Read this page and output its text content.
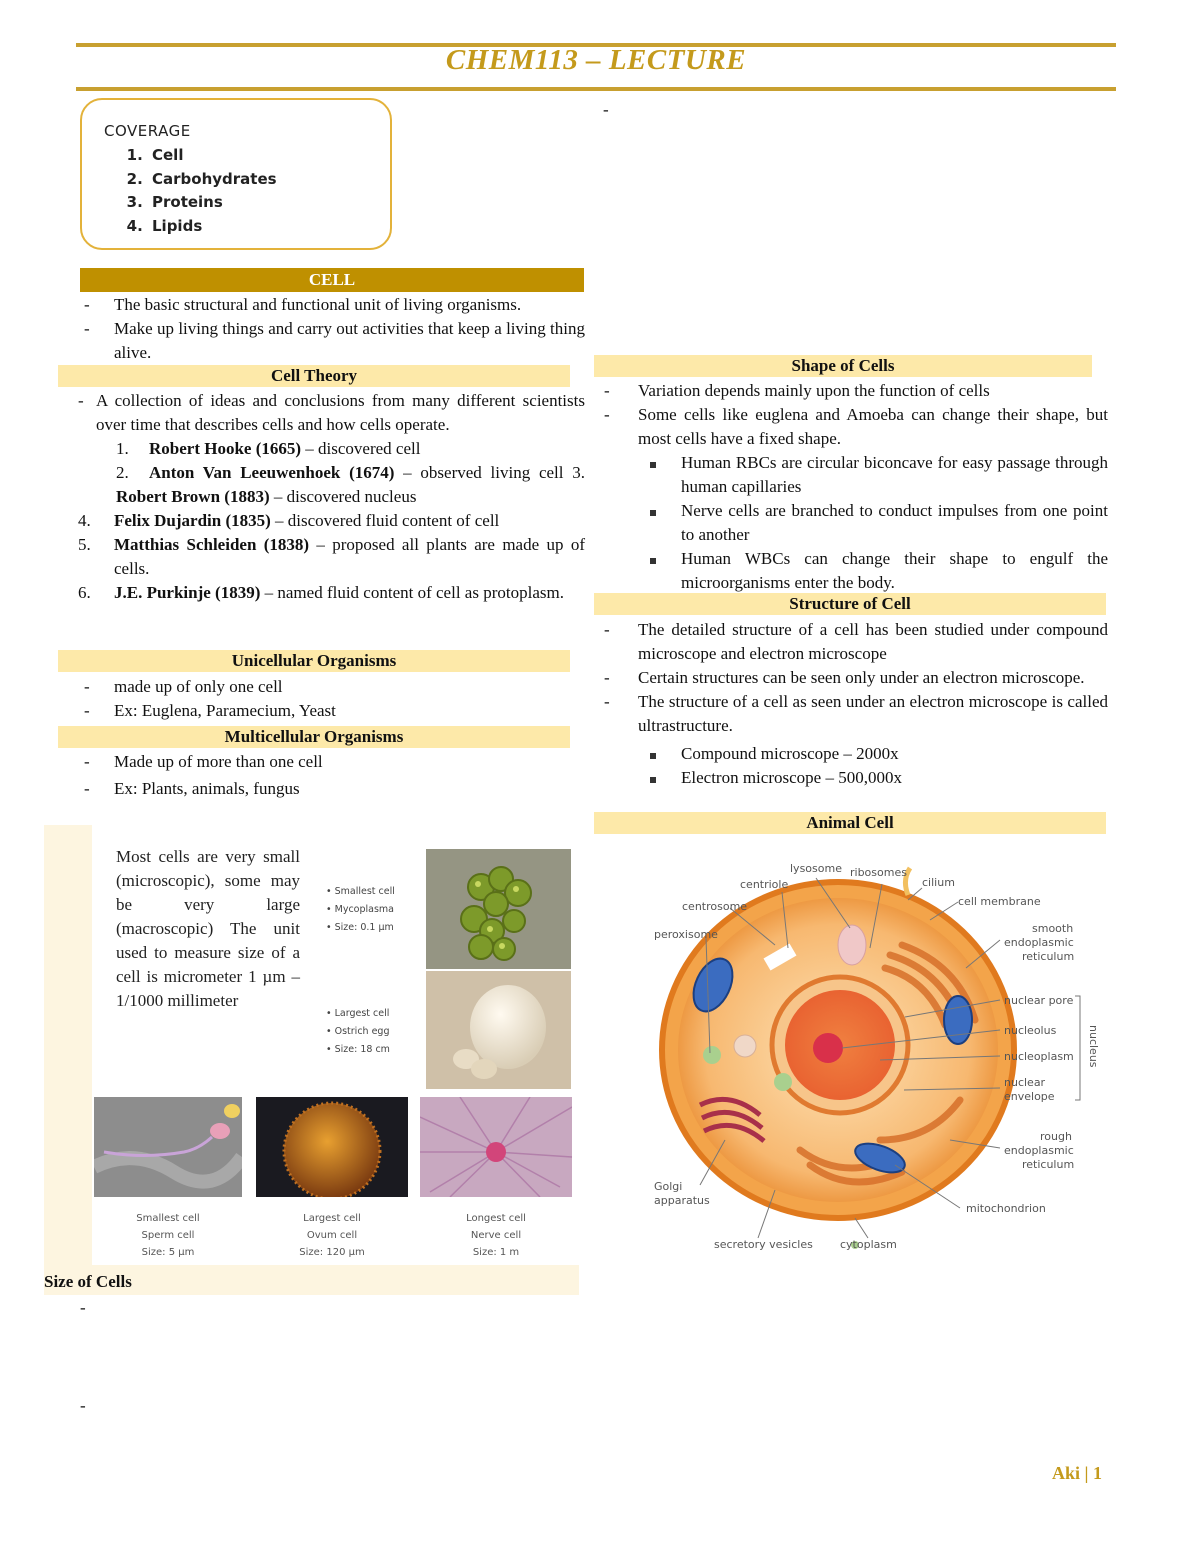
CHEM113 – LECTURE
COVERAGE
1. Cell
2. Carbohydrates
3. Proteins
4. Lipids
CELL
-	The basic structural and functional unit of living organisms.
-	Make up living things and carry out activities that keep a living thing alive.
Cell Theory
- A collection of ideas and conclusions from many different scientists over time that describes cells and how cells operate.
1.	Robert Hooke (1665) – discovered cell
2. Anton Van Leeuwenhoek (1674) – observed living cell 3. Robert Brown (1883) – discovered nucleus
4.	Felix Dujardin (1835) – discovered fluid content of cell
5.	Matthias Schleiden (1838) – proposed all plants are made up of cells.
6.	J.E. Purkinje (1839) – named fluid content of cell as protoplasm.
Unicellular Organisms
-	made up of only one cell
-	Ex: Euglena, Paramecium, Yeast
Multicellular Organisms
-	Made up of more than one cell
-	Ex: Plants, animals, fungus
Most cells are very small (microscopic), some may be very large (macroscopic) The unit used to measure size of a cell is micrometer 1 µm – 1/1000 millimeter
• Smallest cell
• Mycoplasma
• Size: 0.1 µm
• Largest cell
• Ostrich egg
• Size: 18 cm
Smallest cell
Sperm cell
Size: 5 µm
Largest cell
Ovum cell
Size: 120 µm
Longest cell
Nerve cell
Size: 1 m
Size of Cells
-
-
-
Shape of Cells
-	Variation depends mainly upon the function of cells
-	Some cells like euglena and Amoeba can change their shape, but most cells have a fixed shape.
Human RBCs are circular biconcave for easy passage through human capillaries
Nerve cells are branched to conduct impulses from one point to another
Human WBCs can change their shape to engulf the microorganisms enter the body.
Structure of Cell
-	The detailed structure of a cell has been studied under compound microscope and electron microscope
-	Certain structures can be seen only under an electron microscope.
-	The structure of a cell as seen under an electron microscope is called ultrastructure.
Compound microscope – 2000x
Electron microscope – 500,000x
Animal Cell
lysosome ribosomes
centriole	cilium
cell membrane
centrosome
smooth
endoplasmic
reticulum
peroxisome
nuclear pore
nucleolus
nucleoplasm
nuclear
envelope
nucleus
rough
endoplasmic
reticulum
Golgi
apparatus
mitochondrion
secretory vesicles cytoplasm
Aki | 1
